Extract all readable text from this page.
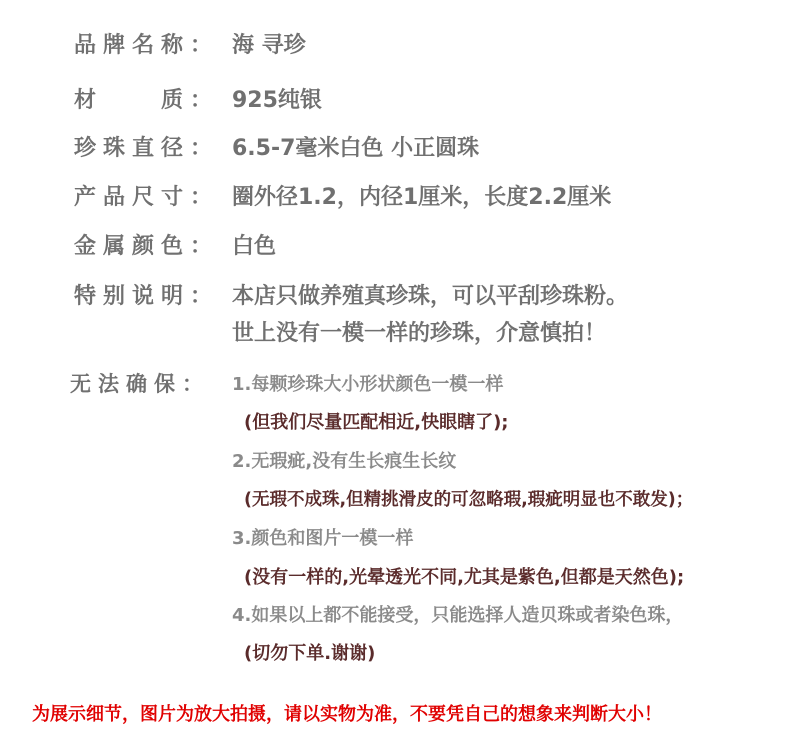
品牌名称： 海 寻珍
材　　质： 925纯银
珍珠直径： 6.5-7毫米白色 小正圆珠
产品尺寸： 圈外径1.2，内径1厘米，长度2.2厘米
金属颜色： 白色
特别说明： 本店只做养殖真珍珠，可以平刮珍珠粉。
世上没有一模一样的珍珠，介意慎拍！
无法确保： 1.每颗珍珠大小形状颜色一模一样
(但我们尽量匹配相近,快眼瞎了);
2.无瑕疵,没有生长痕生长纹
(无瑕不成珠,但精挑滑皮的可忽略瑕,瑕疵明显也不敢发)；
3.颜色和图片一模一样
(没有一样的,光晕透光不同,尤其是紫色,但都是天然色);
4.如果以上都不能接受，只能选择人造贝珠或者染色珠，
(切勿下单.谢谢)
为展示细节，图片为放大拍摄，请以实物为准，不要凭自己的想象来判断大小！
